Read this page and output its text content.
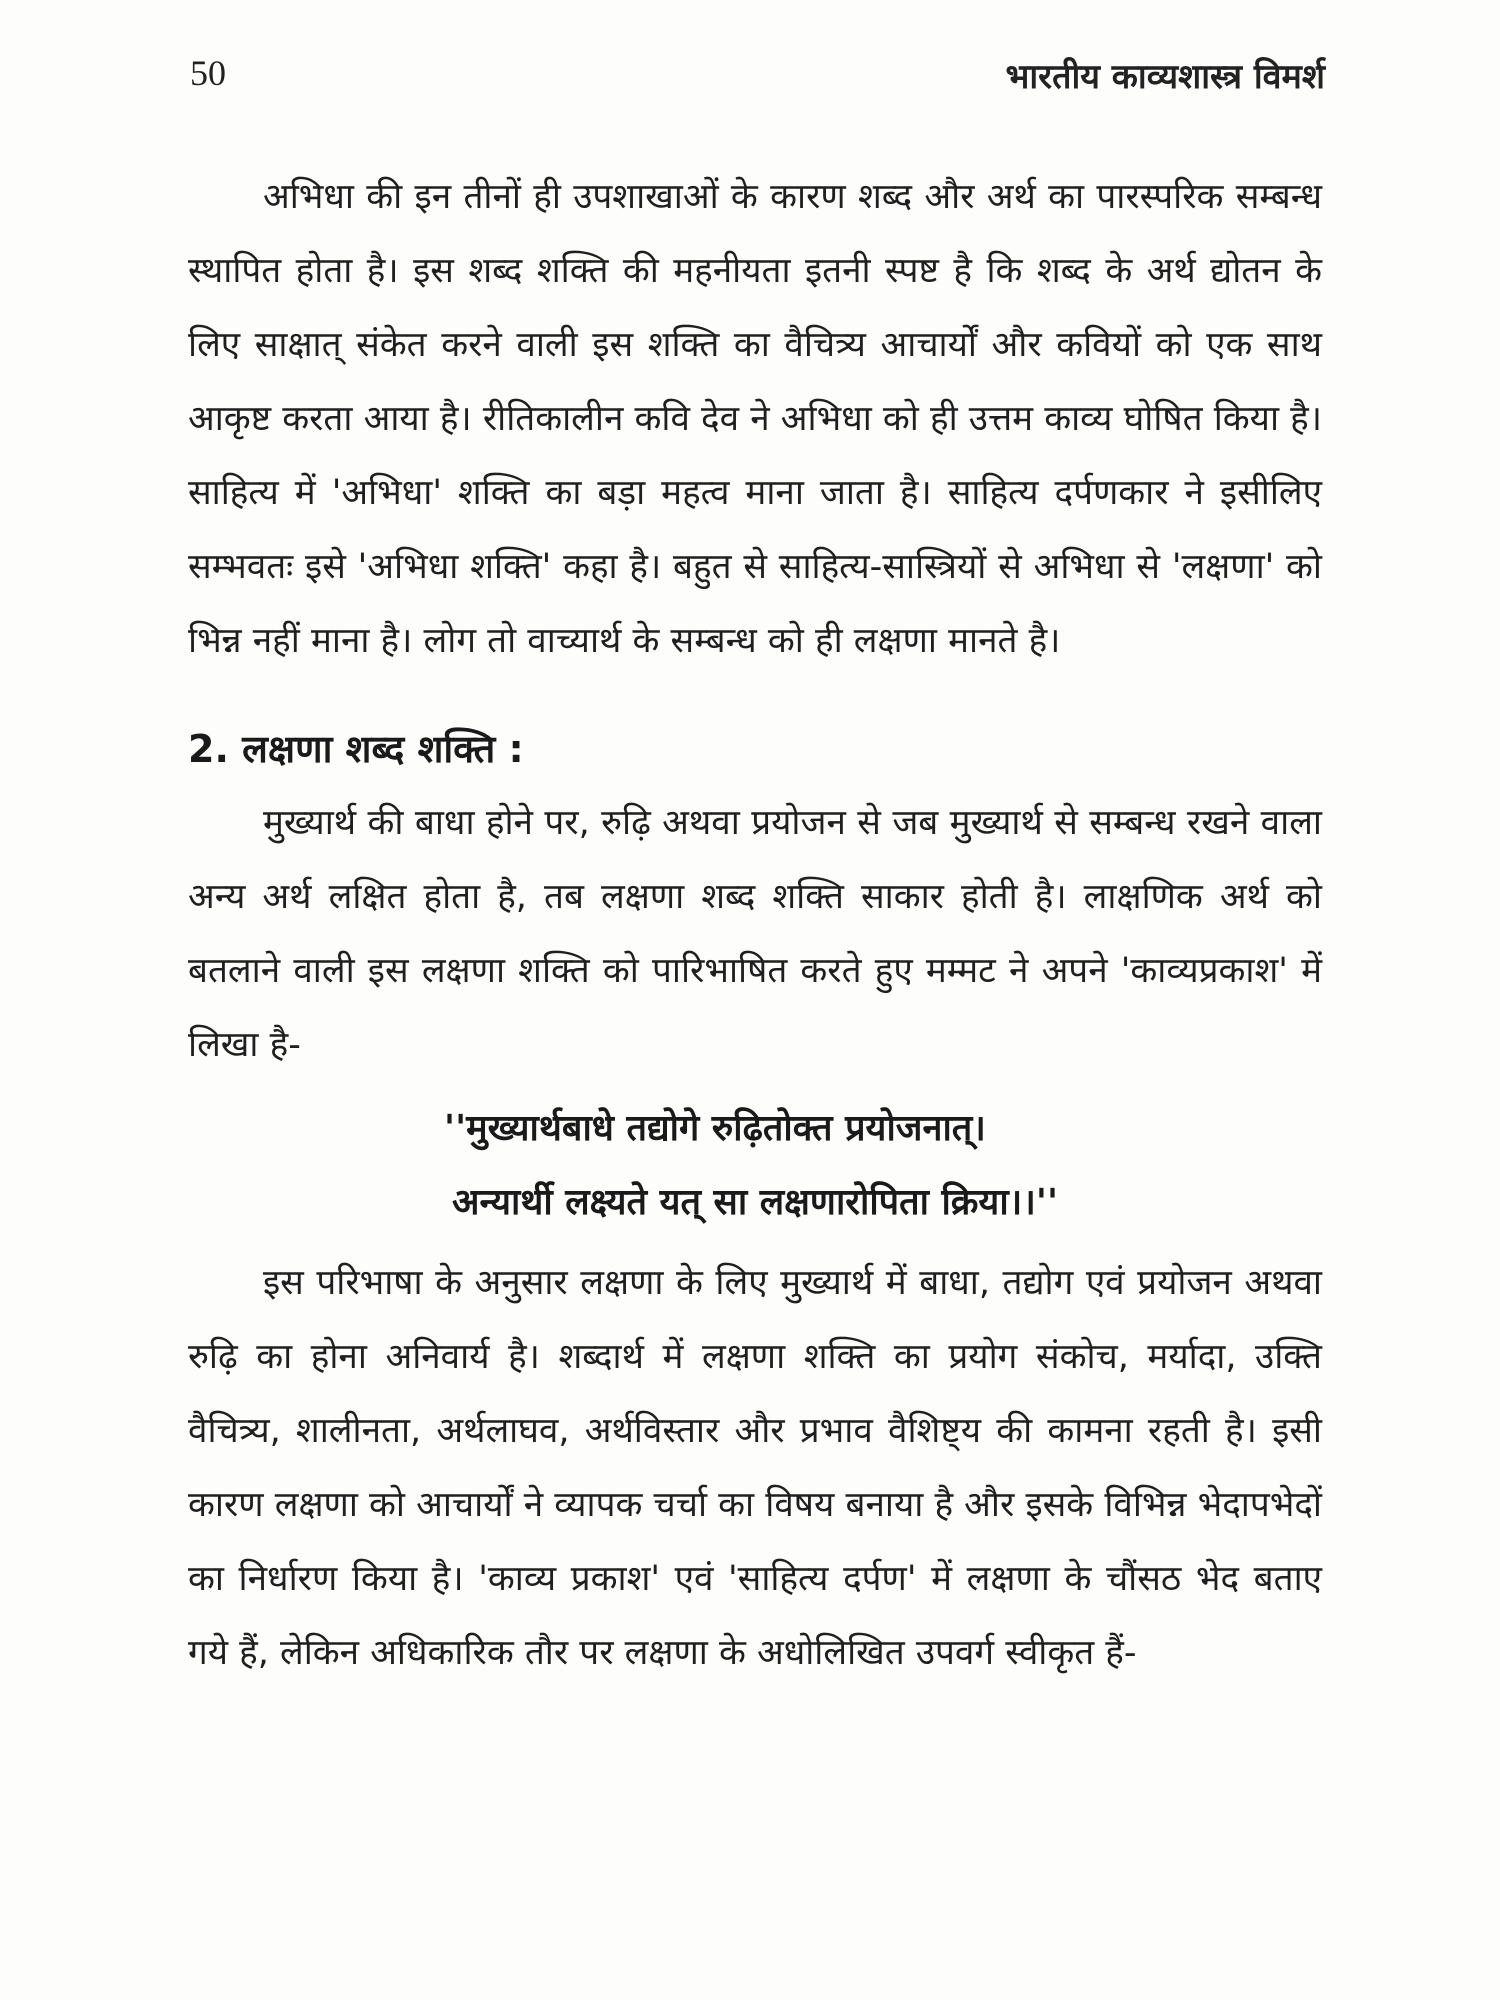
50	भारतीय काव्यशास्त्र विमर्श

अभिधा की इन तीनों ही उपशाखाओं के कारण शब्द और अर्थ का पारस्परिक सम्बन्ध स्थापित होता है। इस शब्द शक्ति की महनीयता इतनी स्पष्ट है कि शब्द के अर्थ द्योतन के लिए साक्षात् संकेत करने वाली इस शक्ति का वैचित्र्य आचार्यों और कवियों को एक साथ आकृष्ट करता आया है। रीतिकालीन कवि देव ने अभिधा को ही उत्तम काव्य घोषित किया है। साहित्य में 'अभिधा' शक्ति का बड़ा महत्व माना जाता है। साहित्य दर्पणकार ने इसीलिए सम्भवतः इसे 'अभिधा शक्ति' कहा है। बहुत से साहित्य-सास्त्रियों से अभिधा से 'लक्षणा' को भिन्न नहीं माना है। लोग तो वाच्यार्थ के सम्बन्ध को ही लक्षणा मानते है।

2. लक्षणा शब्द शक्ति :

मुख्यार्थ की बाधा होने पर, रुढ़ि अथवा प्रयोजन से जब मुख्यार्थ से सम्बन्ध रखने वाला अन्य अर्थ लक्षित होता है, तब लक्षणा शब्द शक्ति साकार होती है। लाक्षणिक अर्थ को बतलाने वाली इस लक्षणा शक्ति को पारिभाषित करते हुए मम्मट ने अपने 'काव्यप्रकाश' में लिखा है-

''मुख्यार्थबाधे तद्योगे रुढ़ितोक्त प्रयोजनात्।
अन्यार्थी लक्ष्यते यत् सा लक्षणारोपिता क्रिया।।''

इस परिभाषा के अनुसार लक्षणा के लिए मुख्यार्थ में बाधा, तद्योग एवं प्रयोजन अथवा रुढ़ि का होना अनिवार्य है। शब्दार्थ में लक्षणा शक्ति का प्रयोग संकोच, मर्यादा, उक्ति वैचित्र्य, शालीनता, अर्थलाघव, अर्थविस्तार और प्रभाव वैशिष्ट्य की कामना रहती है। इसी कारण लक्षणा को आचार्यों ने व्यापक चर्चा का विषय बनाया है और इसके विभिन्न भेदापभेदों का निर्धारण किया है। 'काव्य प्रकाश' एवं 'साहित्य दर्पण' में लक्षणा के चौंसठ भेद बताए गये हैं, लेकिन अधिकारिक तौर पर लक्षणा के अधोलिखित उपवर्ग स्वीकृत हैं-
